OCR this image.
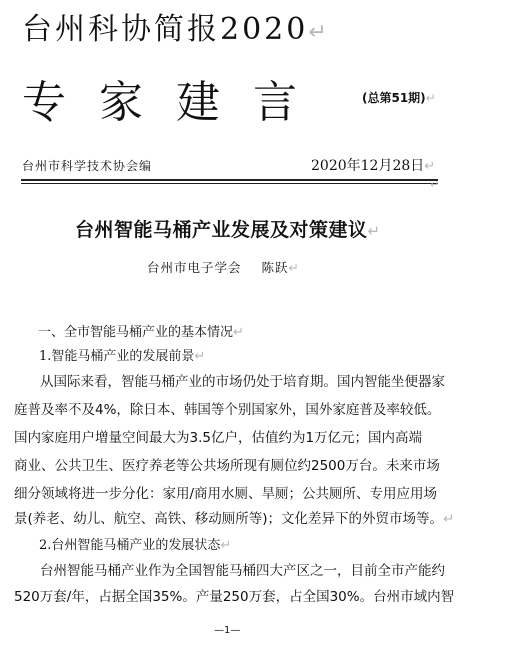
台州科协简报2020↵
专家建言	(总第51期)↵
台州市科学技术协会编	2020年12月28日↵
↵
台州智能马桶产业发展及对策建议↵
台州市电子学会 陈跃↵
一、全市智能马桶产业的基本情况↵
1.智能马桶产业的发展前景↵
从国际来看，智能马桶产业的市场仍处于培育期。国内智能坐便器家
庭普及率不及4%，除日本、韩国等个别国家外，国外家庭普及率较低。
国内家庭用户增量空间最大为3.5亿户，估值约为1万亿元；国内高端
商业、公共卫生、医疗养老等公共场所现有厕位约2500万台。未来市场
细分领域将进一步分化：家用/商用水厕、旱厕；公共厕所、专用应用场
景(养老、幼儿、航空、高铁、移动厕所等)；文化差异下的外贸市场等。↵
2.台州智能马桶产业的发展状态↵
台州智能马桶产业作为全国智能马桶四大产区之一，目前全市产能约
520万套/年，占据全国35%。产量250万套，占全国30%。台州市域内智
—1—
